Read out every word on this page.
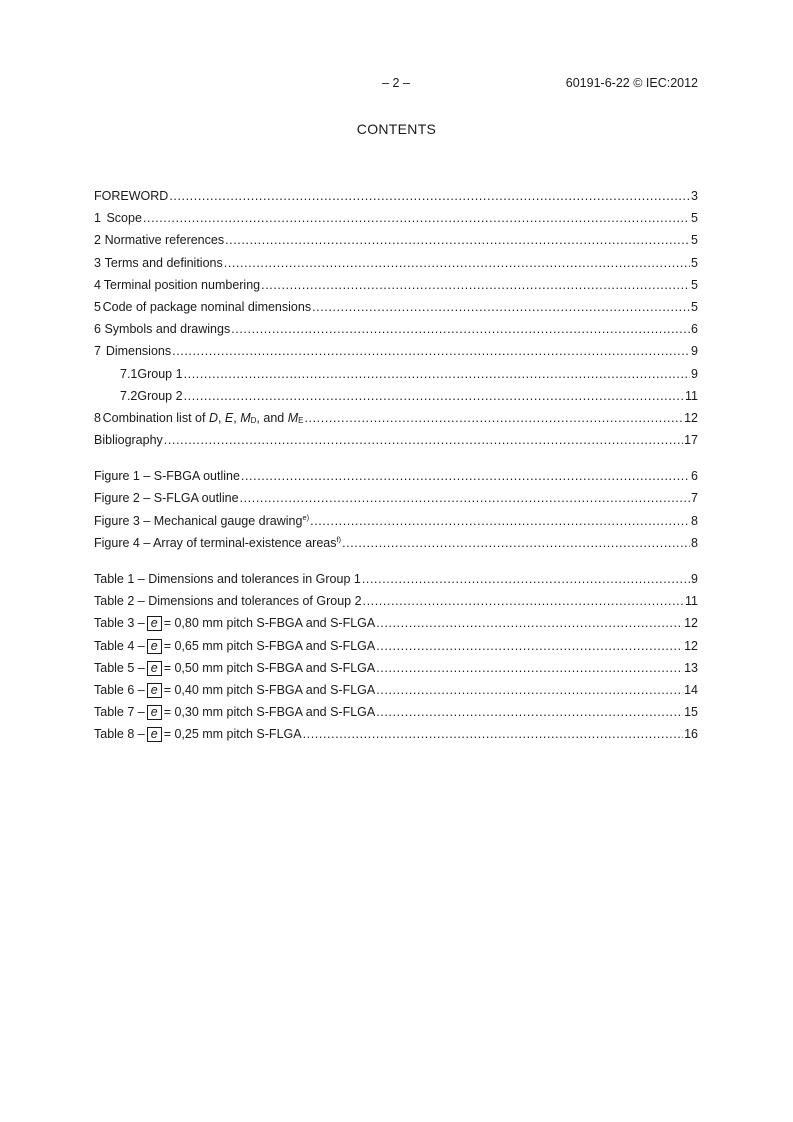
– 2 –	60191-6-22 © IEC:2012
CONTENTS
FOREWORD .....	3
1 Scope .....	5
2 Normative references .....	5
3 Terms and definitions .....	5
4 Terminal position numbering .....	5
5 Code of package nominal dimensions .....	5
6 Symbols and drawings .....	6
7 Dimensions .....	9
7.1 Group 1 .....	9
7.2 Group 2 .....	11
8 Combination list of D, E, $M_D$, and $M_E$ .....	12
Bibliography .....	17
Figure 1 – S-FBGA outline .....	6
Figure 2 – S-FLGA outline .....	7
Figure 3 – Mechanical gauge drawing$^{e)}$ .....	8
Figure 4 – Array of terminal-existence areas$^{f)}$ .....	8
Table 1 – Dimensions and tolerances in Group 1 .....	9
Table 2 – Dimensions and tolerances of Group 2 .....	11
Table 3 – e = 0,80 mm pitch S-FBGA and S-FLGA .....	12
Table 4 – e = 0,65 mm pitch S-FBGA and S-FLGA .....	12
Table 5 – e = 0,50 mm pitch S-FBGA and S-FLGA .....	13
Table 6 – e = 0,40 mm pitch S-FBGA and S-FLGA .....	14
Table 7 – e = 0,30 mm pitch S-FBGA and S-FLGA .....	15
Table 8 – e = 0,25 mm pitch S-FLGA .....	16
